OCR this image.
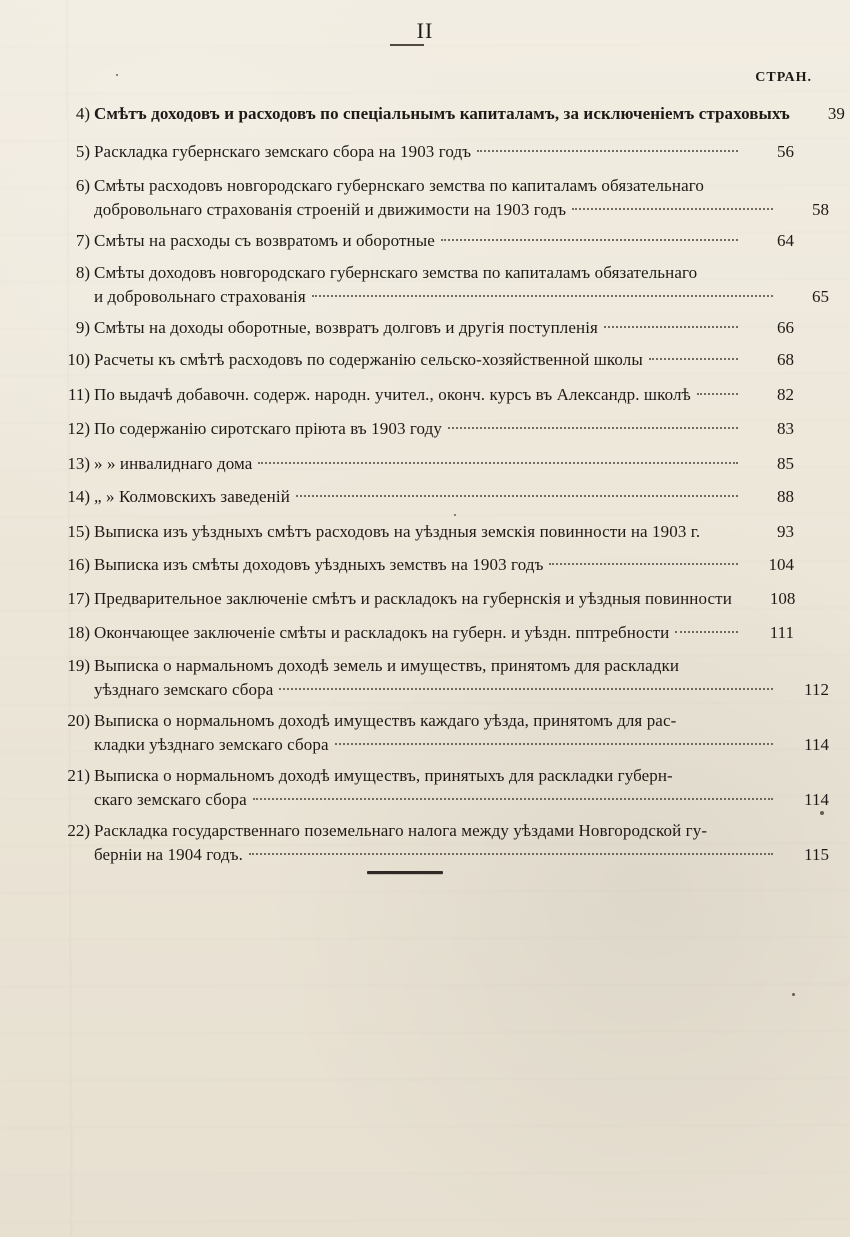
II
СТРАН.
4) Смѣтъ доходовъ и расходовъ по спеціальнымъ капиталамъ, за исключеніемъ страховыхъ 39
5) Раскладка губернскаго земскаго сбора на 1903 годъ	56
6) Смѣты расходовъ новгородскаго губернскаго земства по капиталамъ обязательнаго
добровольнаго страхованія строеній и движимости на 1903 годъ	58
7) Смѣты на расходы съ возвратомъ и оборотные	64
8) Смѣты доходовъ новгородскаго губернскаго земства по капиталамъ обязательнаго
и добровольнаго страхованія	65
9) Смѣты на доходы оборотные, возвратъ долговъ и другія поступленія	66
10) Расчеты къ смѣтѣ расходовъ по содержанію сельско-хозяйственной школы	68
11) По выдачѣ добавочн. содерж. народн. учител., оконч. курсъ въ Александр. школѣ	82
12) По содержанію сиротскаго пріюта въ 1903 году	83
13) » » инвалиднаго дома	85
14) „ » Колмовскихъ заведеній	88
15) Выписка изъ уѣздныхъ смѣтъ расходовъ на уѣздныя земскія повинности на 1903 г.	93
16) Выписка изъ смѣты доходовъ уѣздныхъ земствъ на 1903 годъ	104
17) Предварительное заключеніе смѣтъ и раскладокъ на губернскія и уѣздныя повинности 108
18) Окончающее заключеніе смѣты и раскладокъ на губерн. и уѣздн. пптребности	111
19) Выписка о нармальномъ доходѣ земель и имуществъ, принятомъ для раскладки
уѣзднаго земскаго сбора	112
20) Выписка о нормальномъ доходѣ имуществъ каждаго уѣзда, принятомъ для рас-
кладки уѣзднаго земскаго сбора	114
21) Выписка о нормальномъ доходѣ имуществъ, принятыхъ для раскладки губерн-
скаго земскаго сбора	114
22) Раскладка государственнаго поземельнаго налога между уѣздами Новгородской гу-
берніи на 1904 годъ.	115
